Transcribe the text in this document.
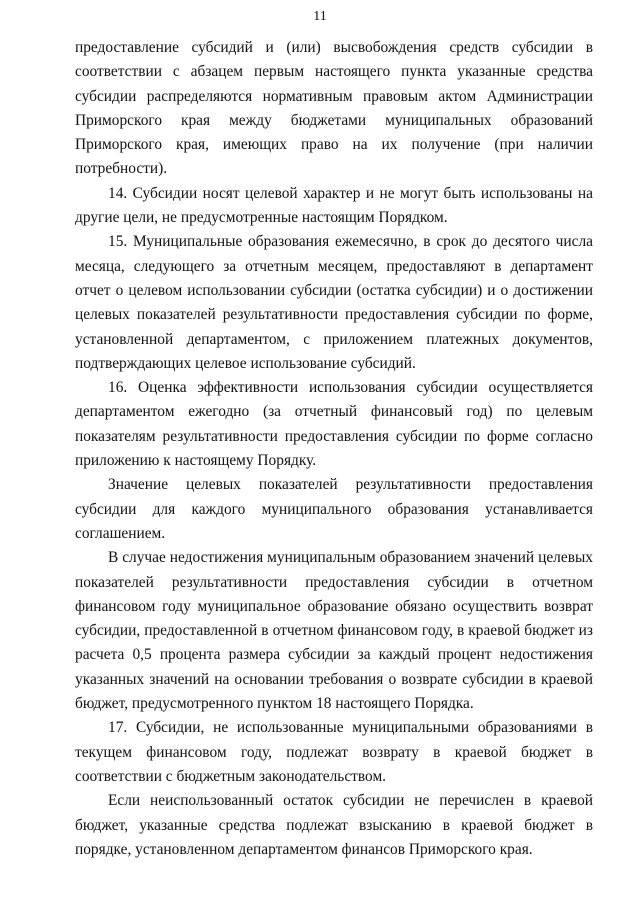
11

предоставление субсидий и (или) высвобождения средств субсидии в соответствии с абзацем первым настоящего пункта указанные средства субсидии распределяются нормативным правовым актом Администрации Приморского края между бюджетами муниципальных образований Приморского края, имеющих право на их получение (при наличии потребности).

14. Субсидии носят целевой характер и не могут быть использованы на другие цели, не предусмотренные настоящим Порядком.

15. Муниципальные образования ежемесячно, в срок до десятого числа месяца, следующего за отчетным месяцем, предоставляют в департамент отчет о целевом использовании субсидии (остатка субсидии) и о достижении целевых показателей результативности предоставления субсидии по форме, установленной департаментом, с приложением платежных документов, подтверждающих целевое использование субсидий.

16. Оценка эффективности использования субсидии осуществляется департаментом ежегодно (за отчетный финансовый год) по целевым показателям результативности предоставления субсидии по форме согласно приложению к настоящему Порядку.

Значение целевых показателей результативности предоставления субсидии для каждого муниципального образования устанавливается соглашением.

В случае недостижения муниципальным образованием значений целевых показателей результативности предоставления субсидии в отчетном финансовом году муниципальное образование обязано осуществить возврат субсидии, предоставленной в отчетном финансовом году, в краевой бюджет из расчета 0,5 процента размера субсидии за каждый процент недостижения указанных значений на основании требования о возврате субсидии в краевой бюджет, предусмотренного пунктом 18 настоящего Порядка.

17. Субсидии, не использованные муниципальными образованиями в текущем финансовом году, подлежат возврату в краевой бюджет в соответствии с бюджетным законодательством.

Если неиспользованный остаток субсидии не перечислен в краевой бюджет, указанные средства подлежат взысканию в краевой бюджет в порядке, установленном департаментом финансов Приморского края.
